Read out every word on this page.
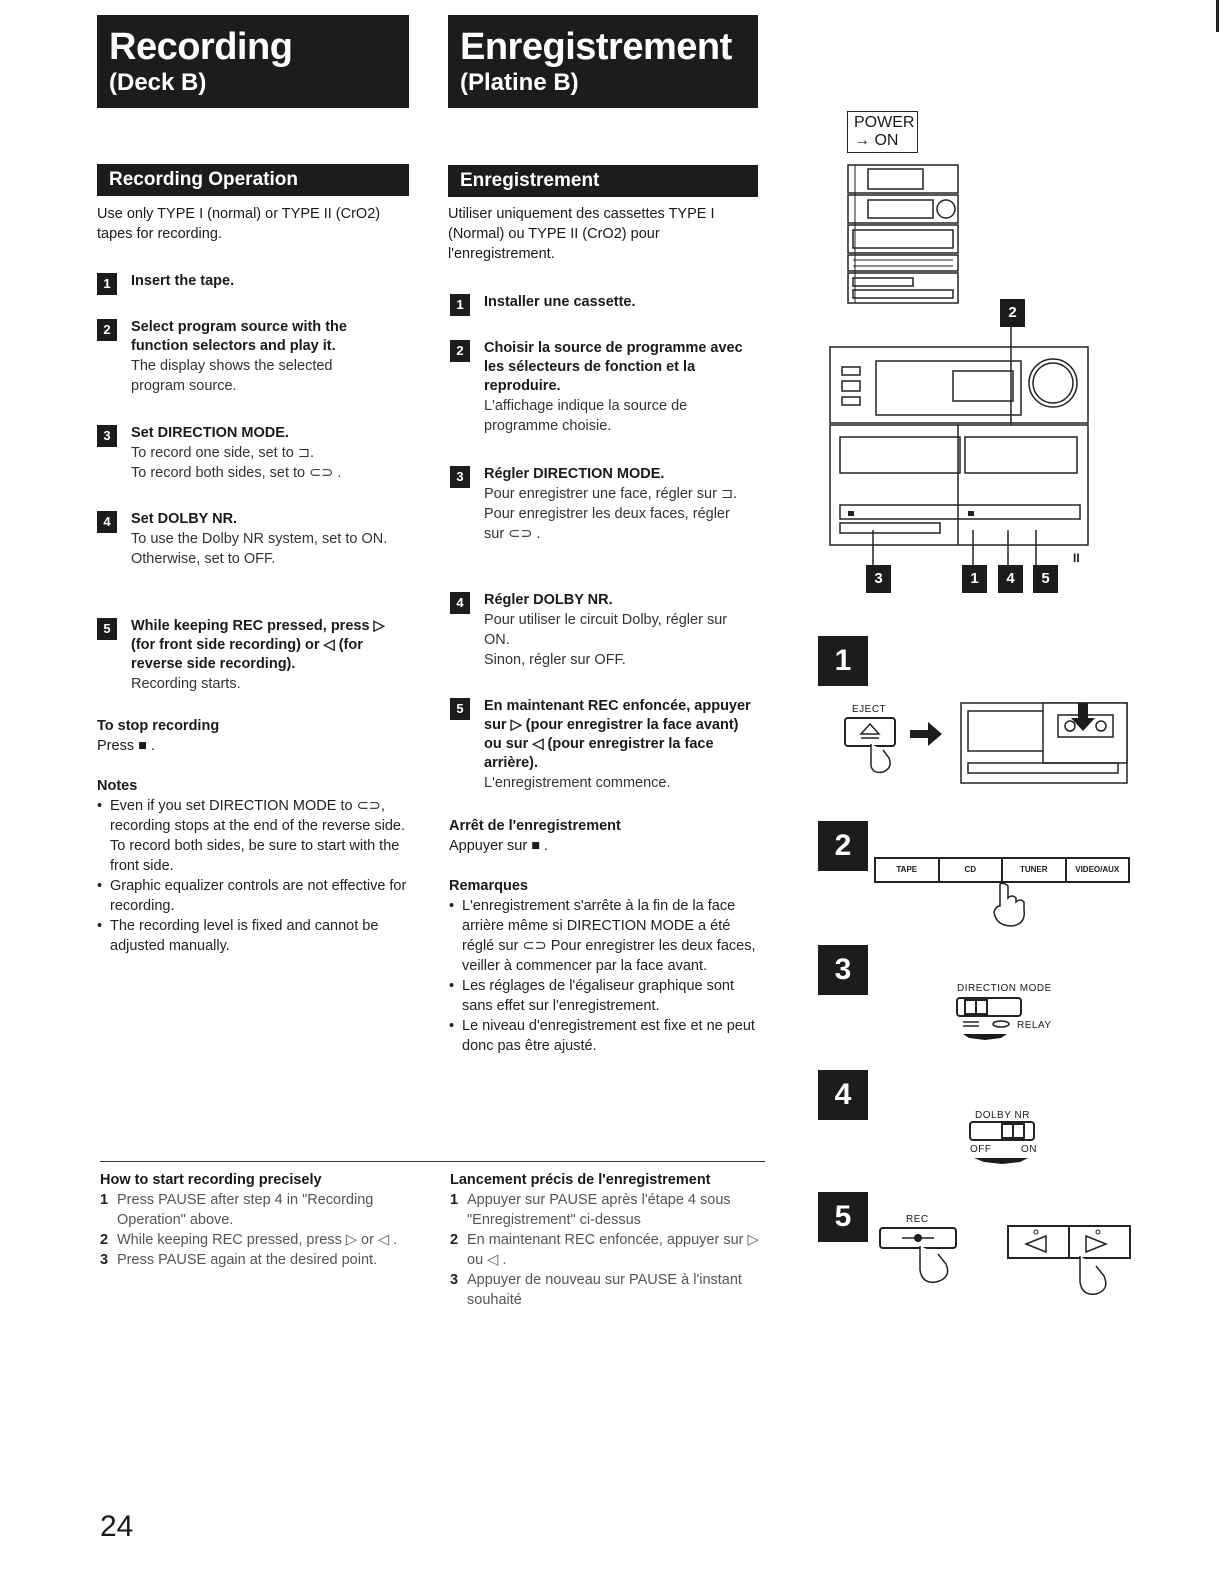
Recording
(Deck B)
Recording Operation
Use only TYPE I (normal) or TYPE II (CrO2) tapes for recording.
1	Insert the tape.
2	Select program source with the function selectors and play it.
The display shows the selected program source.
3	Set DIRECTION MODE.
To record one side, set to ⊐.
To record both sides, set to ⊂⊃ .
4	Set DOLBY NR.
To use the Dolby NR system, set to ON.
Otherwise, set to OFF.
5	While keeping REC pressed, press ▷ (for front side recording) or ◁ (for reverse side recording).
Recording starts.
To stop recording
Press ■ .
Notes
• Even if you set DIRECTION MODE to ⊂⊃, recording stops at the end of the reverse side. To record both sides, be sure to start with the front side.
• Graphic equalizer controls are not effective for recording.
• The recording level is fixed and cannot be adjusted manually.
Enregistrement
(Platine B)
Enregistrement
Utiliser uniquement des cassettes TYPE I (Normal) ou TYPE II (CrO2) pour l'enregistrement.
1	Installer une cassette.
2	Choisir la source de programme avec les sélecteurs de fonction et la reproduire.
L'affichage indique la source de programme choisie.
3	Régler DIRECTION MODE.
Pour enregistrer une face, régler sur ⊐.
Pour enregistrer les deux faces, régler sur ⊂⊃ .
4	Régler DOLBY NR.
Pour utiliser le circuit Dolby, régler sur ON.
Sinon, régler sur OFF.
5	En maintenant REC enfoncée, appuyer sur ▷ (pour enregistrer la face avant) ou sur ◁ (pour enregistrer la face arrière).
L'enregistrement commence.
Arrêt de l'enregistrement
Appuyer sur ■ .
Remarques
• L'enregistrement s'arrête à la fin de la face arrière même si DIRECTION MODE a été réglé sur ⊂⊃ Pour enregistrer les deux faces, veiller à commencer par la face avant.
• Les réglages de l'égaliseur graphique sont sans effet sur l'enregistrement.
• Le niveau d'enregistrement est fixe et ne peut donc pas être ajusté.
How to start recording precisely
1 Press PAUSE after step 4 in "Recording Operation" above.
2 While keeping REC pressed, press ▷ or ◁ .
3 Press PAUSE again at the desired point.
Lancement précis de l'enregistrement
1 Appuyer sur PAUSE après l'étape 4 sous "Enregistrement" ci-dessus
2 En maintenant REC enfoncée, appuyer sur ▷ ou ◁ .
3 Appuyer de nouveau sur PAUSE à l'instant souhaité
24
POWER
→ ON
2
II
3	1	4	5
1
EJECT
2
TAPE	CD	TUNER	VIDEO/AUX
3
DIRECTION MODE
RELAY
4
DOLBY NR
OFF	ON
5	REC
